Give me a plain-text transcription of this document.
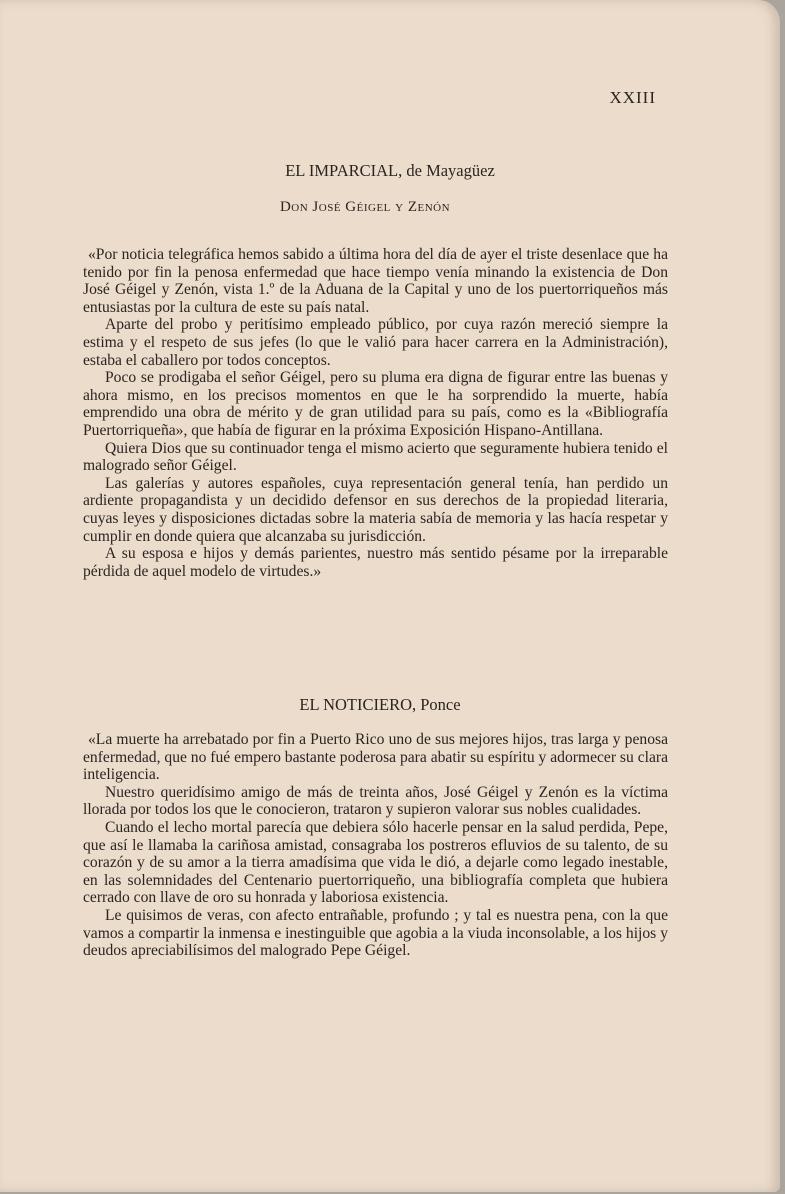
XXIII
EL IMPARCIAL, de Mayagüez
Don José Géigel y Zenón

«Por noticia telegráfica hemos sabido a última hora del día de ayer el triste desenlace que ha tenido por fin la penosa enfermedad que hace tiempo venía minando la existencia de Don José Géigel y Zenón, vista 1.º de la Aduana de la Capital y uno de los puertorriqueños más entusiastas por la cultura de este su país natal.

Aparte del probo y peritísimo empleado público, por cuya razón mereció siempre la estima y el respeto de sus jefes (lo que le valió para hacer carrera en la Administración), estaba el caballero por todos conceptos.

Poco se prodigaba el señor Géigel, pero su pluma era digna de figurar entre las buenas y ahora mismo, en los precisos momentos en que le ha sorprendido la muerte, había emprendido una obra de mérito y de gran utilidad para su país, como es la «Bibliografía Puertorriqueña», que había de figurar en la próxima Exposición Hispano-Antillana.

Quiera Dios que su continuador tenga el mismo acierto que seguramente hubiera tenido el malogrado señor Géigel.

Las galerías y autores españoles, cuya representación general tenía, han perdido un ardiente propagandista y un decidido defensor en sus derechos de la propiedad literaria, cuyas leyes y disposiciones dictadas sobre la materia sabía de memoria y las hacía respetar y cumplir en donde quiera que alcanzaba su jurisdicción.

A su esposa e hijos y demás parientes, nuestro más sentido pésame por la irreparable pérdida de aquel modelo de virtudes.»

EL NOTICIERO, Ponce

«La muerte ha arrebatado por fin a Puerto Rico uno de sus mejores hijos, tras larga y penosa enfermedad, que no fué empero bastante poderosa para abatir su espíritu y adormecer su clara inteligencia.

Nuestro queridísimo amigo de más de treinta años, José Géigel y Zenón es la víctima llorada por todos los que le conocieron, trataron y supieron valorar sus nobles cualidades.

Cuando el lecho mortal parecía que debiera sólo hacerle pensar en la salud perdida, Pepe, que así le llamaba la cariñosa amistad, consagraba los postreros efluvios de su talento, de su corazón y de su amor a la tierra amadísima que vida le dió, a dejarle como legado inestable, en las solemnidades del Centenario puertorriqueño, una bibliografía completa que hubiera cerrado con llave de oro su honrada y laboriosa existencia.

Le quisimos de veras, con afecto entrañable, profundo ; y tal es nuestra pena, con la que vamos a compartir la inmensa e inestinguible que agobia a la viuda inconsolable, a los hijos y deudos apreciabilísimos del malogrado Pepe Géigel.
